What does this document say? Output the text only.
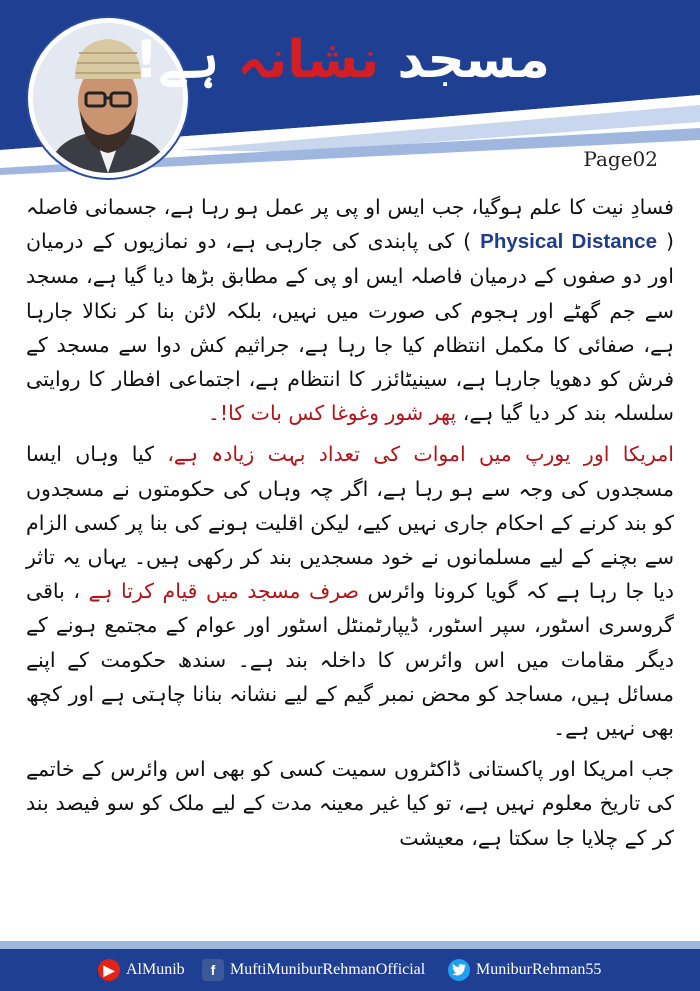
مسجد نشانہ ہے!
Page02

فسادِ نیت کا علم ہوگیا، جب ایس او پی پر عمل ہو رہا ہے، جسمانی فاصلہ ( Physical Distance ) کی پابندی کی جارہی ہے، دو نمازیوں کے درمیان اور دو صفوں کے درمیان فاصلہ ایس او پی کے مطابق بڑھا دیا گیا ہے، مسجد سے جم گھٹے اور ہجوم کی صورت میں نہیں، بلکہ لائن بنا کر نکالا جارہا ہے، صفائی کا مکمل انتظام کیا جا رہا ہے، جراثیم کش دوا سے مسجد کے فرش کو دھویا جارہا ہے، سینیٹائزر کا انتظام ہے، اجتماعی افطار کا روایتی سلسلہ بند کر دیا گیا ہے، پھر شور وغوغا کس بات کا!۔

امریکا اور یورپ میں اموات کی تعداد بہت زیادہ ہے، کیا وہاں ایسا مسجدوں کی وجہ سے ہو رہا ہے، اگر چہ وہاں کی حکومتوں نے مسجدوں کو بند کرنے کے احکام جاری نہیں کیے، لیکن اقلیت ہونے کی بنا پر کسی الزام سے بچنے کے لیے مسلمانوں نے خود مسجدیں بند کر رکھی ہیں۔ یہاں یہ تاثر دیا جا رہا ہے کہ گویا کرونا وائرس صرف مسجد میں قیام کرتا ہے ، باقی گروسری اسٹور، سپر اسٹور، ڈیپارٹمنٹل اسٹور اور عوام کے مجتمع ہونے کے دیگر مقامات میں اس وائرس کا داخلہ بند ہے۔ سندھ حکومت کے اپنے مسائل ہیں، مساجد کو محض نمبر گیم کے لیے نشانہ بنانا چاہتی ہے اور کچھ بھی نہیں ہے۔

جب امریکا اور پاکستانی ڈاکٹروں سمیت کسی کو بھی اس وائرس کے خاتمے کی تاریخ معلوم نہیں ہے، تو کیا غیر معینہ مدت کے لیے ملک کو سو فیصد بند کر کے چلایا جا سکتا ہے، معیشت

▶ AlMunib	f MuftiMuniburRehmanOfficial	MuniburRehman55
